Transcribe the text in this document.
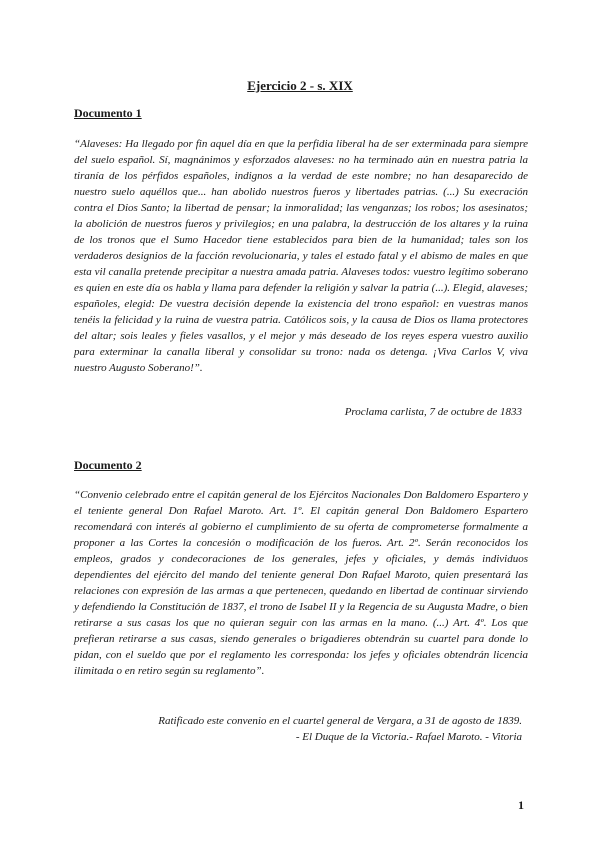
Ejercicio 2 - s. XIX
Documento 1

“Alaveses: Ha llegado por fin aquel día en que la perfidia liberal ha de ser exterminada para siempre del suelo español. Sí, magnánimos y esforzados alaveses: no ha terminado aún en nuestra patria la tiranía de los pérfidos españoles, indignos a la verdad de este nombre; no han desaparecido de nuestro suelo aquéllos que... han abolido nuestros fueros y libertades patrias. (...) Su execración contra el Dios Santo; la libertad de pensar; la inmoralidad; las venganzas; los robos; los asesinatos; la abolición de nuestros fueros y privilegios; en una palabra, la destrucción de los altares y la ruina de los tronos que el Sumo Hacedor tiene establecidos para bien de la humanidad; tales son los verdaderos designios de la facción revolucionaria, y tales el estado fatal y el abismo de males en que esta vil canalla pretende precipitar a nuestra amada patria. Alaveses todos: vuestro legítimo soberano es quien en este día os habla y llama para defender la religión y salvar la patria (...). Elegid, alaveses; españoles, elegid: De vuestra decisión depende la existencia del trono español: en vuestras manos tenéis la felicidad y la ruina de vuestra patria. Católicos sois, y la causa de Dios os llama protectores del altar; sois leales y fieles vasallos, y el mejor y más deseado de los reyes espera vuestro auxilio para exterminar la canalla liberal y consolidar su trono: nada os detenga. ¡Viva Carlos V, viva nuestro Augusto Soberano!”.

Proclama carlista, 7 de octubre de 1833
Documento 2

“Convenio celebrado entre el capitán general de los Ejércitos Nacionales Don Baldomero Espartero y el teniente general Don Rafael Maroto. Art. 1º. El capitán general Don Baldomero Espartero recomendará con interés al gobierno el cumplimiento de su oferta de comprometerse formalmente a proponer a las Cortes la concesión o modificación de los fueros. Art. 2º. Serán reconocidos los empleos, grados y condecoraciones de los generales, jefes y oficiales, y demás individuos dependientes del ejército del mando del teniente general Don Rafael Maroto, quien presentará las relaciones con expresión de las armas a que pertenecen, quedando en libertad de continuar sirviendo y defendiendo la Constitución de 1837, el trono de Isabel II y la Regencia de su Augusta Madre, o bien retirarse a sus casas los que no quieran seguir con las armas en la mano. (...) Art. 4º. Los que prefieran retirarse a sus casas, siendo generales o brigadieres obtendrán su cuartel para donde lo pidan, con el sueldo que por el reglamento les corresponda: los jefes y oficiales obtendrán licencia ilimitada o en retiro según su reglamento”.

Ratificado este convenio en el cuartel general de Vergara, a 31 de agosto de 1839.
- El Duque de la Victoria.- Rafael Maroto. - Vitoria
1
